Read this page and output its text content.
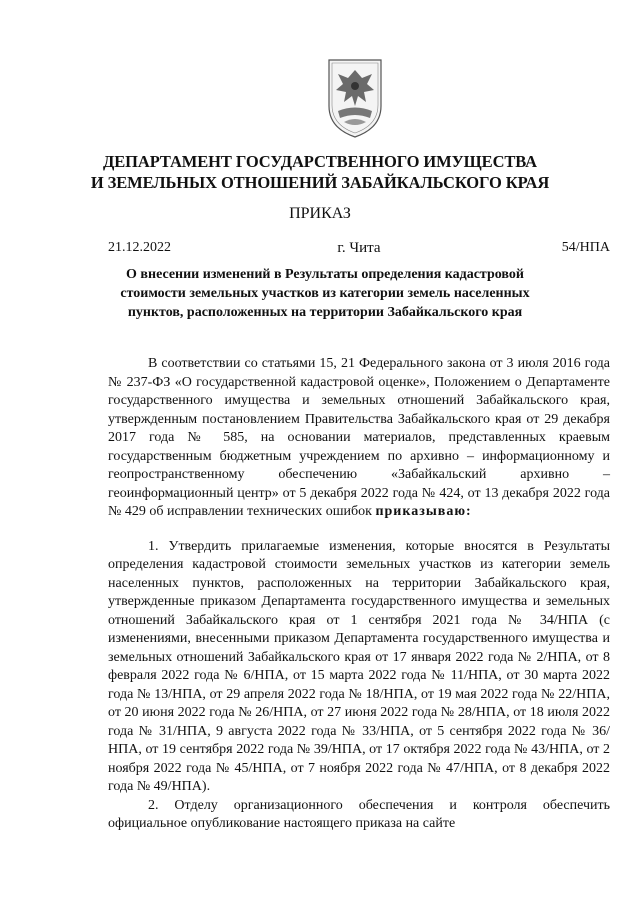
ДЕПАРТАМЕНТ ГОСУДАРСТВЕННОГО ИМУЩЕСТВА
И ЗЕМЕЛЬНЫХ ОТНОШЕНИЙ ЗАБАЙКАЛЬСКОГО КРАЯ
ПРИКАЗ
21.12.2022	г. Чита	54/НПА
О внесении изменений в Результаты определения кадастровой
стоимости земельных участков из категории земель населенных
пунктов, расположенных на территории Забайкальского края

В соответствии со статьями 15, 21 Федерального закона от 3 июля 2016 года № 237-ФЗ «О государственной кадастровой оценке», Положением о Департаменте государственного имущества и земельных отношений Забайкальского края, утвержденным постановлением Правительства Забайкальского края от 29 декабря 2017 года № 585, на основании материалов, представленных краевым государственным бюджетным учреждением по архивно – информационному и геопространственному обеспечению «Забайкальский архивно – геоинформационный центр» от 5 декабря 2022 года № 424, от 13 декабря 2022 года № 429 об исправлении технических ошибок приказываю:

1. Утвердить прилагаемые изменения, которые вносятся в Результаты определения кадастровой стоимости земельных участков из категории земель населенных пунктов, расположенных на территории Забайкальского края, утвержденные приказом Департамента государственного имущества и земельных отношений Забайкальского края от 1 сентября 2021 года № 34/НПА (с изменениями, внесенными приказом Департамента государственного имущества и земельных отношений Забайкальского края от 17 января 2022 года № 2/НПА, от 8 февраля 2022 года № 6/НПА, от 15 марта 2022 года № 11/НПА, от 30 марта 2022 года № 13/НПА, от 29 апреля 2022 года № 18/НПА, от 19 мая 2022 года № 22/НПА, от 20 июня 2022 года № 26/НПА, от 27 июня 2022 года № 28/НПА, от 18 июля 2022 года № 31/НПА, 9 августа 2022 года № 33/НПА, от 5 сентября 2022 года № 36/НПА, от 19 сентября 2022 года № 39/НПА, от 17 октября 2022 года № 43/НПА, от 2 ноября 2022 года № 45/НПА, от 7 ноября 2022 года № 47/НПА, от 8 декабря 2022 года № 49/НПА).

2. Отделу организационного обеспечения и контроля обеспечить официальное опубликование настоящего приказа на сайте
